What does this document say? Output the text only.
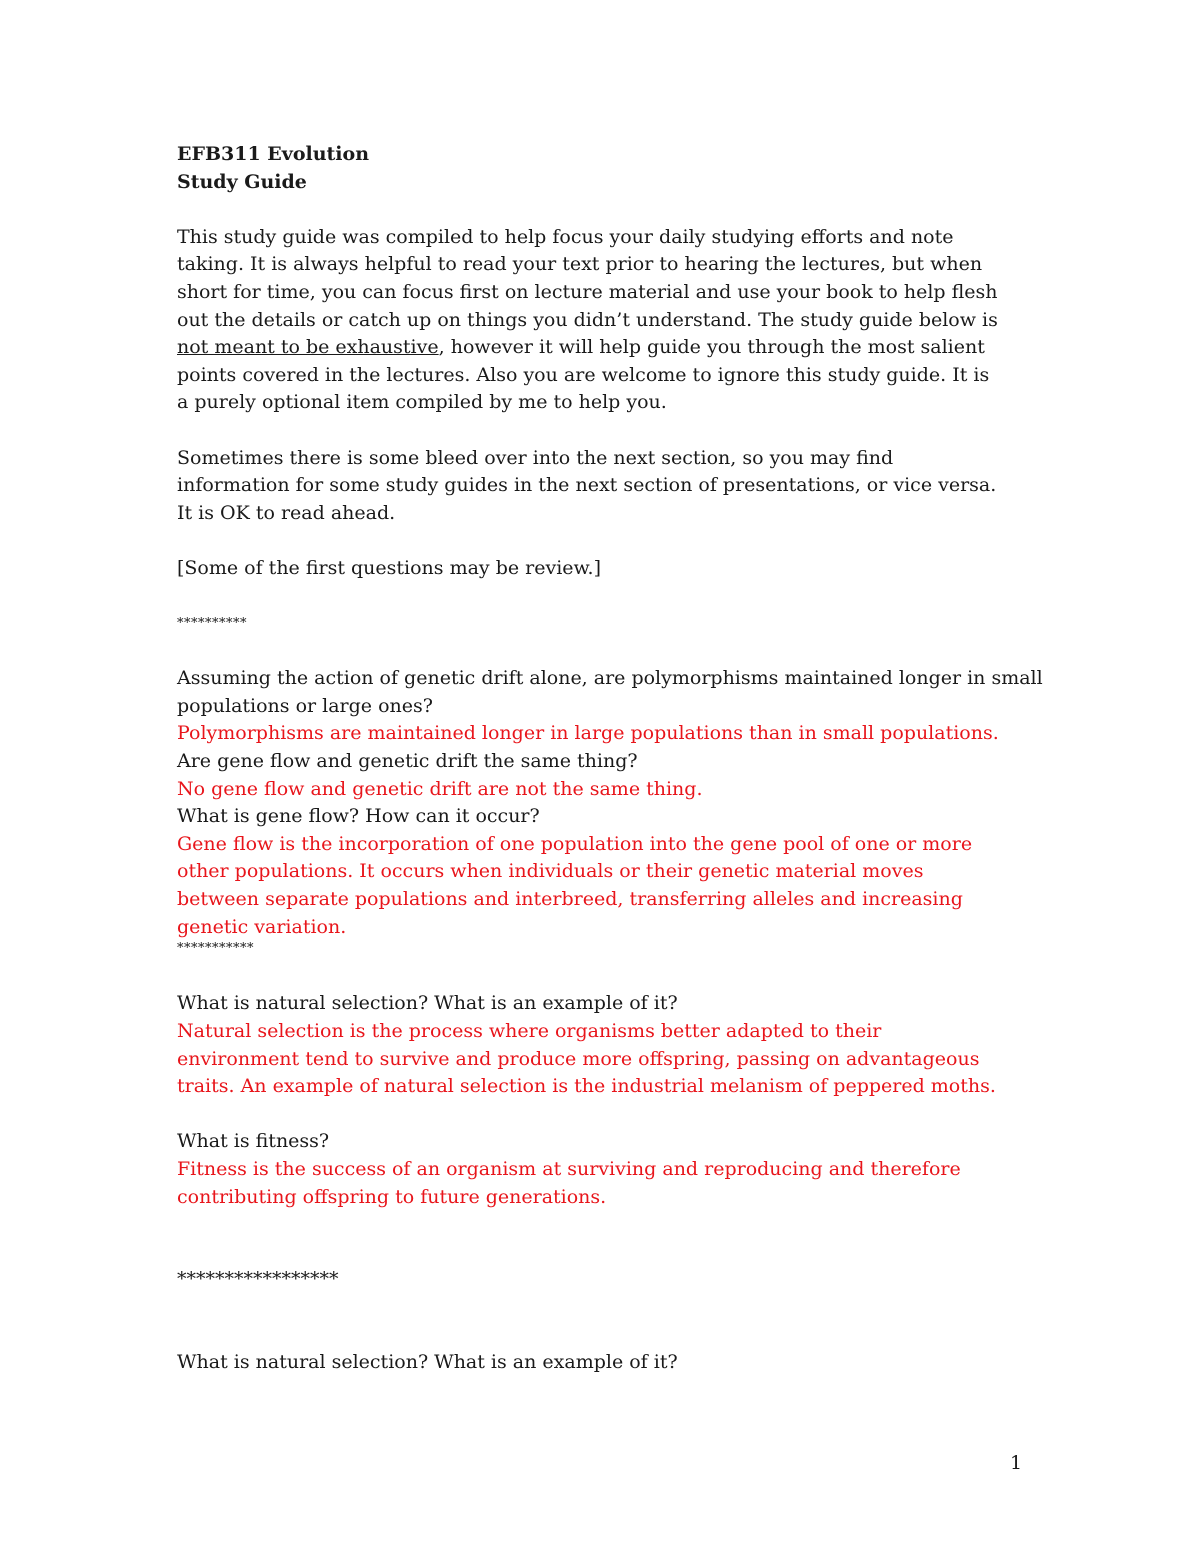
EFB311 Evolution
Study Guide
This study guide was compiled to help focus your daily studying efforts and note
taking. It is always helpful to read your text prior to hearing the lectures, but when
short for time, you can focus first on lecture material and use your book to help flesh
out the details or catch up on things you didn’t understand. The study guide below is
not meant to be exhaustive, however it will help guide you through the most salient
points covered in the lectures. Also you are welcome to ignore this study guide. It is
a purely optional item compiled by me to help you.
Sometimes there is some bleed over into the next section, so you may find
information for some study guides in the next section of presentations, or vice versa.
It is OK to read ahead.
[Some of the first questions may be review.]
**********
Assuming the action of genetic drift alone, are polymorphisms maintained longer in small
populations or large ones?
Polymorphisms are maintained longer in large populations than in small populations.
Are gene flow and genetic drift the same thing?
No gene flow and genetic drift are not the same thing.
What is gene flow? How can it occur?
Gene flow is the incorporation of one population into the gene pool of one or more
other populations. It occurs when individuals or their genetic material moves
between separate populations and interbreed, transferring alleles and increasing
genetic variation.
***********
What is natural selection? What is an example of it?
Natural selection is the process where organisms better adapted to their
environment tend to survive and produce more offspring, passing on advantageous
traits. An example of natural selection is the industrial melanism of peppered moths.
What is fitness?
Fitness is the success of an organism at surviving and reproducing and therefore
contributing offspring to future generations.
*****************
What is natural selection? What is an example of it?
1
